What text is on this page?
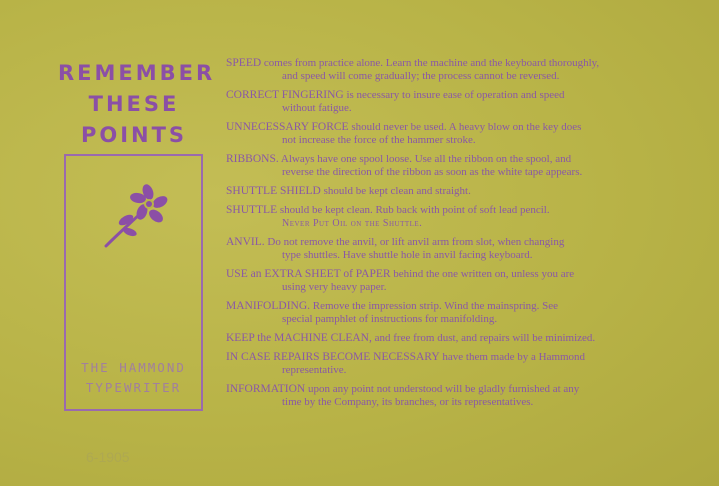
REMEMBER
THESE
POINTS
THE HAMMOND
TYPEWRITER
SPEED comes from practice alone. Learn the machine and the keyboard thoroughly,
and speed will come gradually; the process cannot be reversed.
CORRECT FINGERING is necessary to insure ease of operation and speed
without fatigue.
UNNECESSARY FORCE should never be used. A heavy blow on the key does
not increase the force of the hammer stroke.
RIBBONS. Always have one spool loose. Use all the ribbon on the spool, and
reverse the direction of the ribbon as soon as the white tape appears.
SHUTTLE SHIELD should be kept clean and straight.
SHUTTLE should be kept clean. Rub back with point of soft lead pencil.
Never Put Oil on the Shuttle.
ANVIL. Do not remove the anvil, or lift anvil arm from slot, when changing
type shuttles. Have shuttle hole in anvil facing keyboard.
USE an EXTRA SHEET of PAPER behind the one written on, unless you are
using very heavy paper.
MANIFOLDING. Remove the impression strip. Wind the mainspring. See
special pamphlet of instructions for manifolding.
KEEP the MACHINE CLEAN, and free from dust, and repairs will be minimized.
IN CASE REPAIRS BECOME NECESSARY have them made by a Hammond
representative.
INFORMATION upon any point not understood will be gladly furnished at any
time by the Company, its branches, or its representatives.
6-1905
